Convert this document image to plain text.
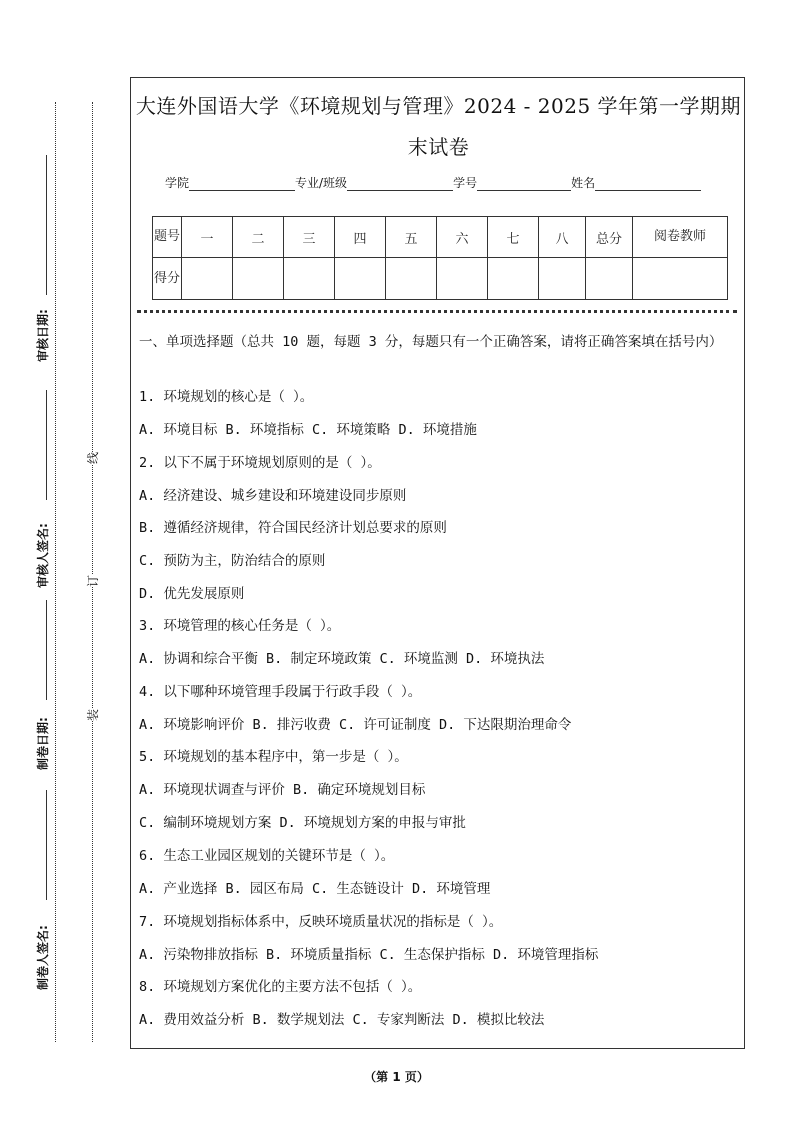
审核日期:
审核人签名:
制卷日期:
制卷人签名:
线
订
装
大连外国语大学《环境规划与管理》2024 - 2025 学年第一学期期
末试卷
学院	专业/班级	学号	姓名
题号	一	二	三	四	五	六	七	八	总分	阅卷教师
得分										
一、单项选择题（总共 10 题，每题 3 分，每题只有一个正确答案，请将正确答案填在括号内）
1. 环境规划的核心是（ ）。
A. 环境目标 B. 环境指标 C. 环境策略 D. 环境措施
2. 以下不属于环境规划原则的是（ ）。
A. 经济建设、城乡建设和环境建设同步原则
B. 遵循经济规律，符合国民经济计划总要求的原则
C. 预防为主，防治结合的原则
D. 优先发展原则
3. 环境管理的核心任务是（ ）。
A. 协调和综合平衡 B. 制定环境政策 C. 环境监测 D. 环境执法
4. 以下哪种环境管理手段属于行政手段（ ）。
A. 环境影响评价 B. 排污收费 C. 许可证制度 D. 下达限期治理命令
5. 环境规划的基本程序中，第一步是（ ）。
A. 环境现状调查与评价 B. 确定环境规划目标
C. 编制环境规划方案 D. 环境规划方案的申报与审批
6. 生态工业园区规划的关键环节是（ ）。
A. 产业选择 B. 园区布局 C. 生态链设计 D. 环境管理
7. 环境规划指标体系中，反映环境质量状况的指标是（ ）。
A. 污染物排放指标 B. 环境质量指标 C. 生态保护指标 D. 环境管理指标
8. 环境规划方案优化的主要方法不包括（ ）。
A. 费用效益分析 B. 数学规划法 C. 专家判断法 D. 模拟比较法
（第 1 页）
